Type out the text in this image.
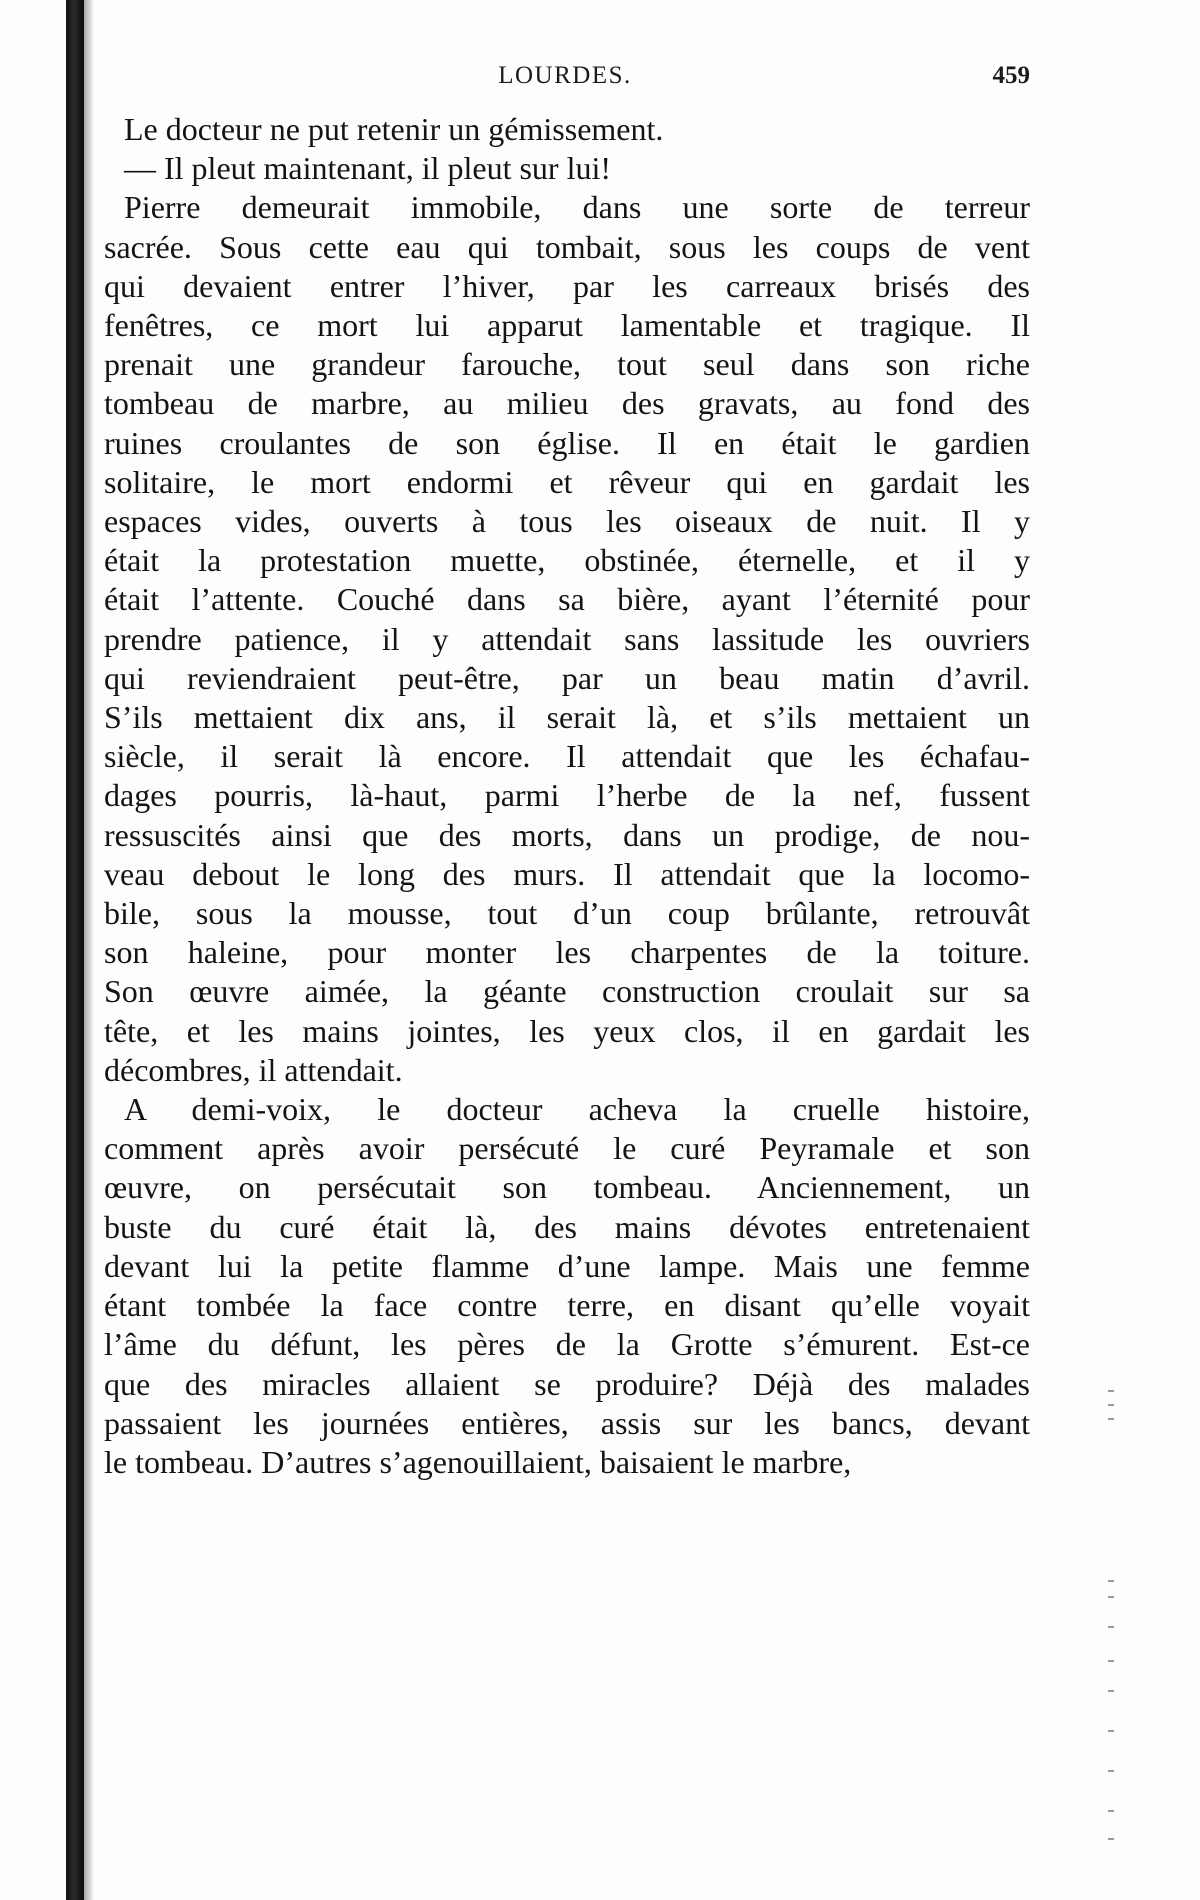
LOURDES.	459

Le docteur ne put retenir un gémissement.

— Il pleut maintenant, il pleut sur lui!

Pierre demeurait immobile, dans une sorte de terreur
sacrée. Sous cette eau qui tombait, sous les coups de vent
qui devaient entrer l’hiver, par les carreaux brisés des
fenêtres, ce mort lui apparut lamentable et tragique. Il
prenait une grandeur farouche, tout seul dans son riche
tombeau de marbre, au milieu des gravats, au fond des
ruines croulantes de son église. Il en était le gardien
solitaire, le mort endormi et rêveur qui en gardait les
espaces vides, ouverts à tous les oiseaux de nuit. Il y
était la protestation muette, obstinée, éternelle, et il y
était l’attente. Couché dans sa bière, ayant l’éternité pour
prendre patience, il y attendait sans lassitude les ouvriers
qui reviendraient peut-être, par un beau matin d’avril.
S’ils mettaient dix ans, il serait là, et s’ils mettaient un
siècle, il serait là encore. Il attendait que les échafau-
dages pourris, là-haut, parmi l’herbe de la nef, fussent
ressuscités ainsi que des morts, dans un prodige, de nou-
veau debout le long des murs. Il attendait que la locomo-
bile, sous la mousse, tout d’un coup brûlante, retrouvât
son haleine, pour monter les charpentes de la toiture.
Son œuvre aimée, la géante construction croulait sur sa
tête, et les mains jointes, les yeux clos, il en gardait les
décombres, il attendait.

A demi-voix, le docteur acheva la cruelle histoire,
comment après avoir persécuté le curé Peyramale et son
œuvre, on persécutait son tombeau. Anciennement, un
buste du curé était là, des mains dévotes entretenaient
devant lui la petite flamme d’une lampe. Mais une femme
étant tombée la face contre terre, en disant qu’elle voyait
l’âme du défunt, les pères de la Grotte s’émurent. Est-ce
que des miracles allaient se produire? Déjà des malades
passaient les journées entières, assis sur les bancs, devant
le tombeau. D’autres s’agenouillaient, baisaient le marbre,
